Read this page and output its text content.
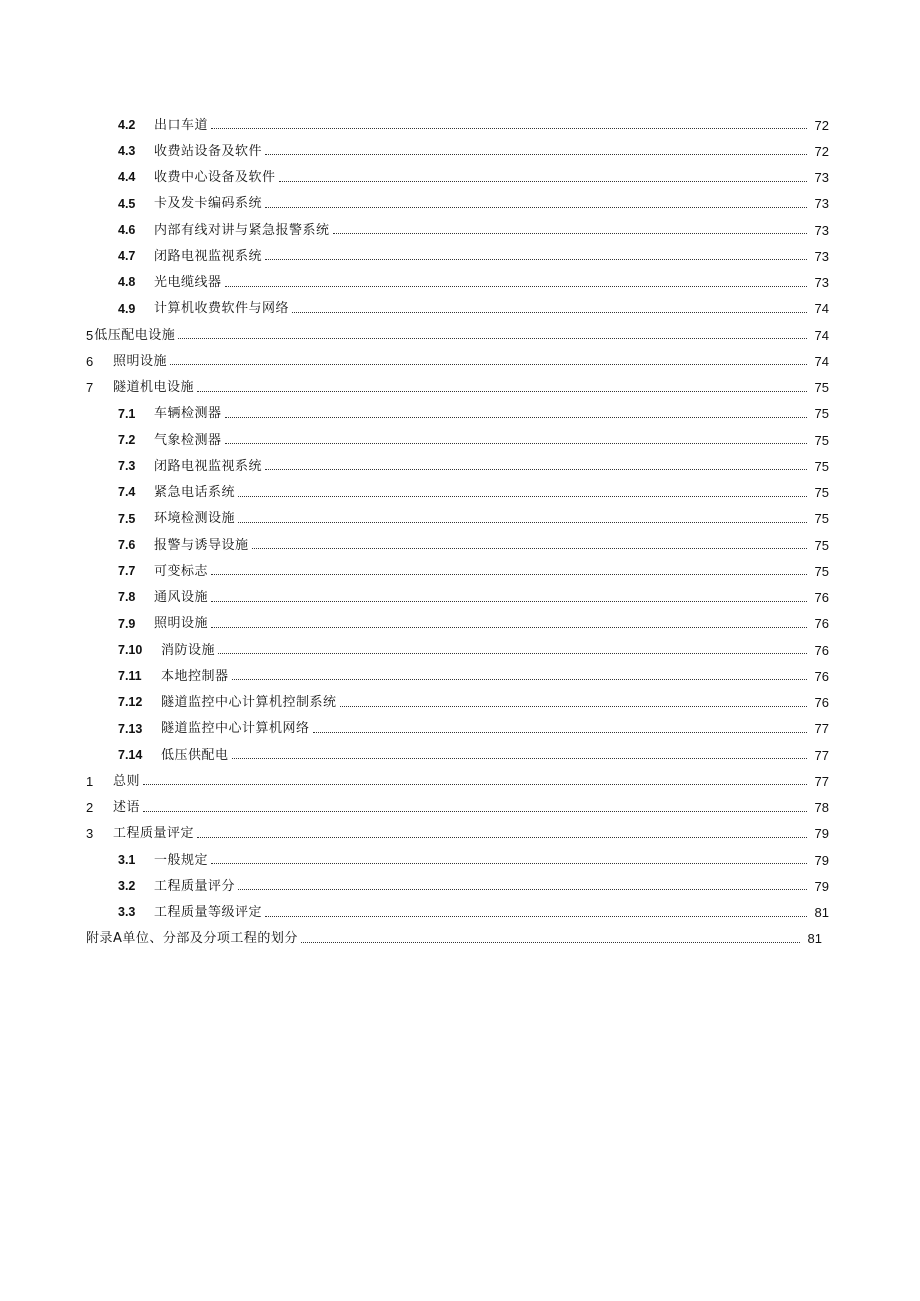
4.2	出口车道	72
4.3	收费站设备及软件	72
4.4	收费中心设备及软件	73
4.5	卡及发卡编码系统	73
4.6	内部有线对讲与紧急报警系统	73
4.7	闭路电视监视系统	73
4.8	光电缆线器	73
4.9	计算机收费软件与网络	74
5 低压配电设施	74
6	照明设施	74
7	隧道机电设施	75
7.1	车辆检测器	75
7.2	气象检测器	75
7.3	闭路电视监视系统	75
7.4	紧急电话系统	75
7.5	环境检测设施	75
7.6	报警与诱导设施	75
7.7	可变标志	75
7.8	通风设施	76
7.9	照明设施	76
7.10	消防设施	76
7.11	本地控制器	76
7.12	隧道监控中心计算机控制系统	76
7.13	隧道监控中心计算机网络	77
7.14	低压供配电	77
1	总则	77
2	述语	78
3	工程质量评定	79
3.1	一般规定	79
3.2	工程质量评分	79
3.3	工程质量等级评定	81
附录A单位、分部及分项工程的划分	81
